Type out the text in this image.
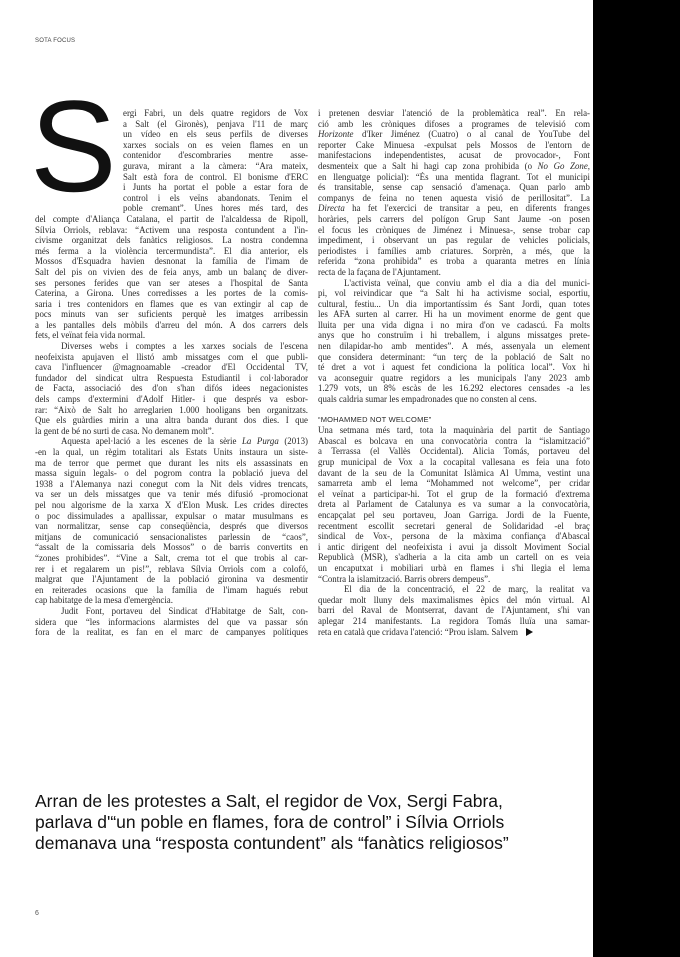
SOTA FOCUS
S ergi Fabri, un dels quatre regidors de Vox
a Salt (el Gironès), penjava l'11 de març
un vídeo en els seus perfils de diverses
xarxes socials on es veien flames en un
contenidor d'escombraries mentre asse-
gurava, mirant a la càmera: “Ara mateix,
Salt està fora de control. El bonisme d'ERC
i Junts ha portat el poble a estar fora de
control i els veïns abandonats. Tenim el
poble cremant”. Unes hores més tard, des
del compte d'Aliança Catalana, el partit de l'alcaldessa de Ripoll,
Sílvia Orriols, reblava: “Activem una resposta contundent a l'in-
civisme organitzat dels fanàtics religiosos. La nostra condemna
més ferma a la violència tercermundista”. El dia anterior, els
Mossos d'Esquadra havien desnonat la família de l'imam de
Salt del pis on vivien des de feia anys, amb un balanç de diver-
ses persones ferides que van ser ateses a l'hospital de Santa
Caterina, a Girona. Unes corredisses a les portes de la comis-
saria i tres contenidors en flames que es van extingir al cap de
pocs minuts van ser suficients perquè les imatges arribessin
a les pantalles dels mòbils d'arreu del món. A dos carrers dels
fets, el veïnat feia vida normal.
Diverses webs i comptes a les xarxes socials de l'escena
neofeixista apujaven el llistó amb missatges com el que publi-
cava l'influencer @magnoamable -creador d'El Occidental TV,
fundador del sindicat ultra Respuesta Estudiantil i col·laborador
de Facta, associació des d'on s'han difós idees negacionistes
dels camps d'extermini d'Adolf Hitler- i que després va esbor-
rar: “Això de Salt ho arreglarien 1.000 hooligans ben organitzats.
Que els guàrdies mirin a una altra banda durant dos dies. I que
la gent de bé no surti de casa. No demanem molt”.
Aquesta apel·lació a les escenes de la sèrie La Purga (2013)
-en la qual, un règim totalitari als Estats Units instaura un siste-
ma de terror que permet que durant les nits els assassinats en
massa siguin legals- o del pogrom contra la població jueva del
1938 a l'Alemanya nazi conegut com la Nit dels vidres trencats,
va ser un dels missatges que va tenir més difusió -promocionat
pel nou algorisme de la xarxa X d'Elon Musk. Les crides directes
o poc dissimulades a apallissar, expulsar o matar musulmans es
van normalitzar, sense cap conseqüència, després que diversos
mitjans de comunicació sensacionalistes parlessin de “caos”,
“assalt de la comissaria dels Mossos” o de barris convertits en
“zones prohibides”. “Vine a Salt, crema tot el que trobis al car-
rer i et regalarem un pis!”, reblava Sílvia Orriols com a colofó,
malgrat que l'Ajuntament de la població gironina va desmentir
en reiterades ocasions que la família de l'imam hagués rebut
cap habitatge de la mesa d'emergència.
Judit Font, portaveu del Sindicat d'Habitatge de Salt, con-
sidera que “les informacions alarmistes del que va passar són
fora de la realitat, es fan en el marc de campanyes polítiques
i pretenen desviar l'atenció de la problemàtica real”. En rela-
ció amb les cròniques difoses a programes de televisió com
Horizonte d'Iker Jiménez (Cuatro) o al canal de YouTube del
reporter Cake Minuesa -expulsat pels Mossos de l'entorn de
manifestacions independentistes, acusat de provocador-, Font
desmenteix que a Salt hi hagi cap zona prohibida (o No Go Zone,
en llenguatge policial): “És una mentida flagrant. Tot el municipi
és transitable, sense cap sensació d'amenaça. Quan parlo amb
companys de feina no tenen aquesta visió de perillositat”. La
Directa ha fet l'exercici de transitar a peu, en diferents franges
horàries, pels carrers del polígon Grup Sant Jaume -on posen
el focus les cròniques de Jiménez i Minuesa-, sense trobar cap
impediment, i observant un pas regular de vehicles policials,
periodistes i famílies amb criatures. Sorprèn, a més, que la
referida “zona prohibida” es troba a quaranta metres en línia
recta de la façana de l'Ajuntament.
L'activista veïnal, que conviu amb el dia a dia del munici-
pi, vol reivindicar que “a Salt hi ha activisme social, esportiu,
cultural, festiu... Un dia importantíssim és Sant Jordi, quan totes
les AFA surten al carrer. Hi ha un moviment enorme de gent que
lluita per una vida digna i no mira d'on ve cadascú. Fa molts
anys que ho construïm i hi treballem, i alguns missatges prete-
nen dilapidar-ho amb mentides”. A més, assenyala un element
que considera determinant: “un terç de la població de Salt no
té dret a vot i aquest fet condiciona la política local”. Vox hi
va aconseguir quatre regidors a les municipals l'any 2023 amb
1.279 vots, un 8% escàs de les 16.292 electores censades -a les
quals caldria sumar les empadronades que no consten al cens.
“MOHAMMED NOT WELCOME”
Una setmana més tard, tota la maquinària del partit de Santiago
Abascal es bolcava en una convocatòria contra la “islamització”
a Terrassa (el Vallès Occidental). Alicia Tomás, portaveu del
grup municipal de Vox a la cocapital vallesana es feia una foto
davant de la seu de la Comunitat Islàmica Al Umma, vestint una
samarreta amb el lema “Mohammed not welcome”, per cridar
el veïnat a participar-hi. Tot el grup de la formació d'extrema
dreta al Parlament de Catalunya es va sumar a la convocatòria,
encapçalat pel seu portaveu, Joan Garriga. Jordi de la Fuente,
recentment escollit secretari general de Solidaridad -el braç
sindical de Vox-, persona de la màxima confiança d'Abascal
i antic dirigent del neofeixista i avui ja dissolt Moviment Social
Republicà (MSR), s'adheria a la cita amb un cartell on es veia
un encaputxat i mobiliari urbà en flames i s'hi llegia el lema
“Contra la islamització. Barris obrers dempeus”.
El dia de la concentració, el 22 de març, la realitat va
quedar molt lluny dels maximalismes èpics del món virtual. Al
barri del Raval de Montserrat, davant de l'Ajuntament, s'hi van
aplegar 214 manifestants. La regidora Tomás lluïa una samar-
reta en català que cridava l'atenció: “Prou islam. Salvem
Arran de les protestes a Salt, el regidor de Vox, Sergi Fabra,
parlava d'“un poble en flames, fora de control” i Sílvia Orriols
demanava una “resposta contundent” als “fanàtics religiosos”
6
